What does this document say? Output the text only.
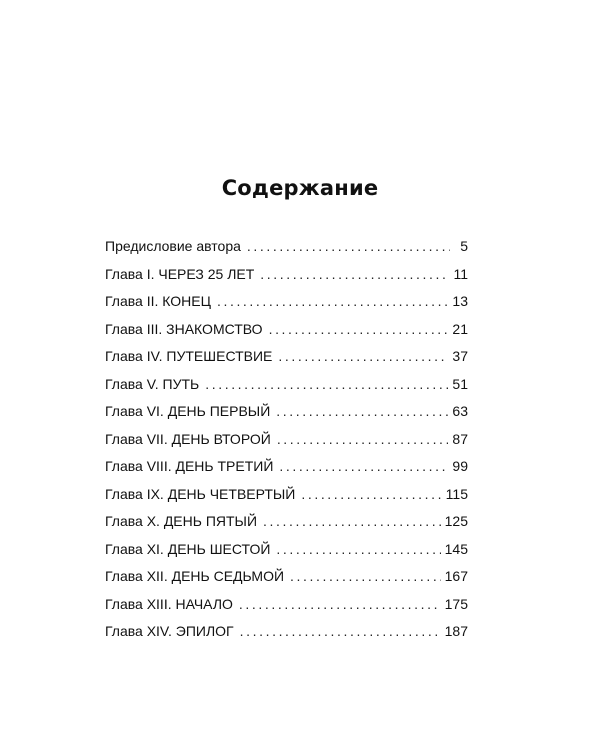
Содержание
Предисловие автора .....	5
Глава I. ЧЕРЕЗ 25 ЛЕТ .....	11
Глава II. КОНЕЦ .....	13
Глава III. ЗНАКОМСТВО .....	21
Глава IV. ПУТЕШЕСТВИЕ .....	37
Глава V. ПУТЬ .....	51
Глава VI. ДЕНЬ ПЕРВЫЙ .....	63
Глава VII. ДЕНЬ ВТОРОЙ .....	87
Глава VIII. ДЕНЬ ТРЕТИЙ .....	99
Глава IX. ДЕНЬ ЧЕТВЕРТЫЙ .....	115
Глава X. ДЕНЬ ПЯТЫЙ .....	125
Глава XI. ДЕНЬ ШЕСТОЙ .....	145
Глава XII. ДЕНЬ СЕДЬМОЙ .....	167
Глава XIII. НАЧАЛО .....	175
Глава XIV. ЭПИЛОГ .....	187
